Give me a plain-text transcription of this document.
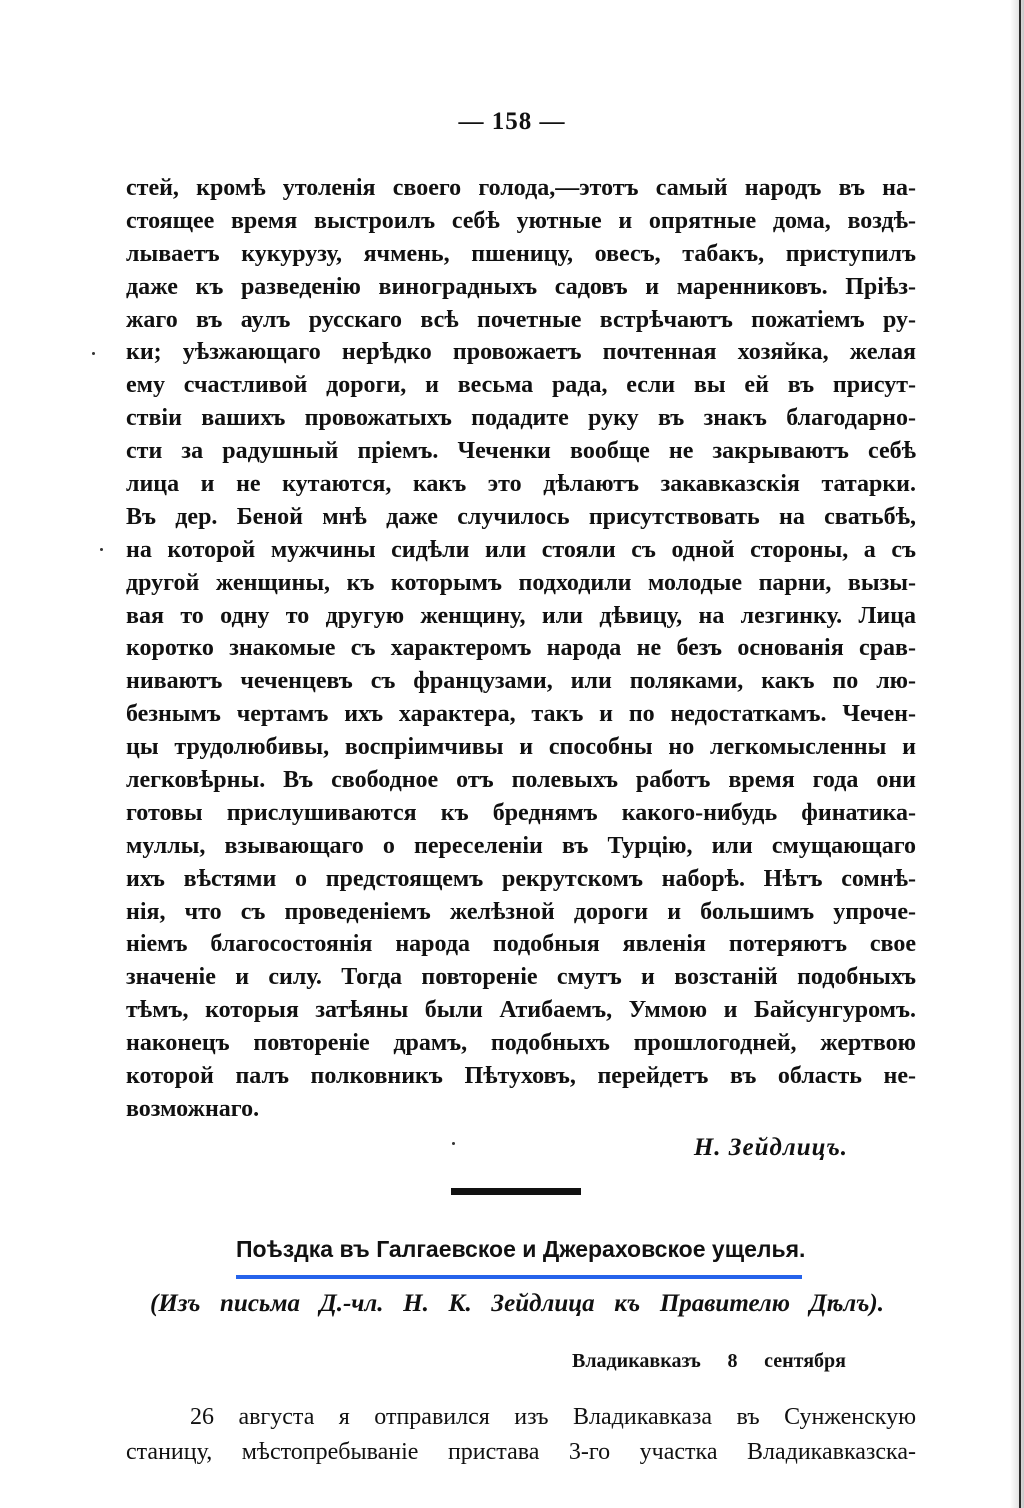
— 158 —
стей, кромѣ утоленія своего голода,—этотъ самый народъ въ на-
стоящее время выстроилъ себѣ уютные и опрятные дома, воздѣ-
лываетъ кукурузу, ячмень, пшеницу, овесъ, табакъ, приступилъ
даже къ разведенію виноградныхъ садовъ и маренниковъ. Пріѣз-
жаго въ аулъ русскаго всѣ почетные встрѣчаютъ пожатіемъ ру-
ки; уѣзжающаго нерѣдко провожаетъ почтенная хозяйка, желая
ему счастливой дороги, и весьма рада, если вы ей въ присут-
ствіи вашихъ провожатыхъ подадите руку въ знакъ благодарно-
сти за радушный пріемъ. Чеченки вообще не закрываютъ себѣ
лица и не кутаются, какъ это дѣлаютъ закавказскія татарки.
Въ дер. Беной мнѣ даже случилось присутствовать на сватьбѣ,
на которой мужчины сидѣли или стояли съ одной стороны, а съ
другой женщины, къ которымъ подходили молодые парни, вызы-
вая то одну то другую женщину, или дѣвицу, на лезгинку. Лица
коротко знакомые съ характеромъ народа не безъ основанія срав-
ниваютъ чеченцевъ съ французами, или поляками, какъ по лю-
безнымъ чертамъ ихъ характера, такъ и по недостаткамъ. Чечен-
цы трудолюбивы, воспріимчивы и способны но легкомысленны и
легковѣрны. Въ свободное отъ полевыхъ работъ время года они
готовы прислушиваются къ бреднямъ какого-нибудь финатика-
муллы, взывающаго о переселеніи въ Турцію, или смущающаго
ихъ вѣстями о предстоящемъ рекрутскомъ наборѣ. Нѣтъ сомнѣ-
нія, что съ проведеніемъ желѣзной дороги и большимъ упроче-
ніемъ благосостоянія народа подобныя явленія потеряютъ свое
значеніе и силу. Тогда повтореніе смутъ и возстаній подобныхъ
тѣмъ, которыя затѣяны были Атибаемъ, Уммою и Байсунгуромъ.
наконецъ повтореніе драмъ, подобныхъ прошлогодней, жертвою
которой палъ полковникъ Пѣтуховъ, перейдетъ въ область не-
возможнаго.
Н. Зейдлицъ.
Поѣздка въ Галгаевское и Джераховское ущелья.
(Изъ письма Д.-чл. Н. К. Зейдлица къ Правителю Дѣлъ).
Владикавказъ 8 сентября
26 августа я отправился изъ Владикавказа въ Сунженскую
станицу, мѣстопребываніе пристава 3-го участка Владикавказска-
